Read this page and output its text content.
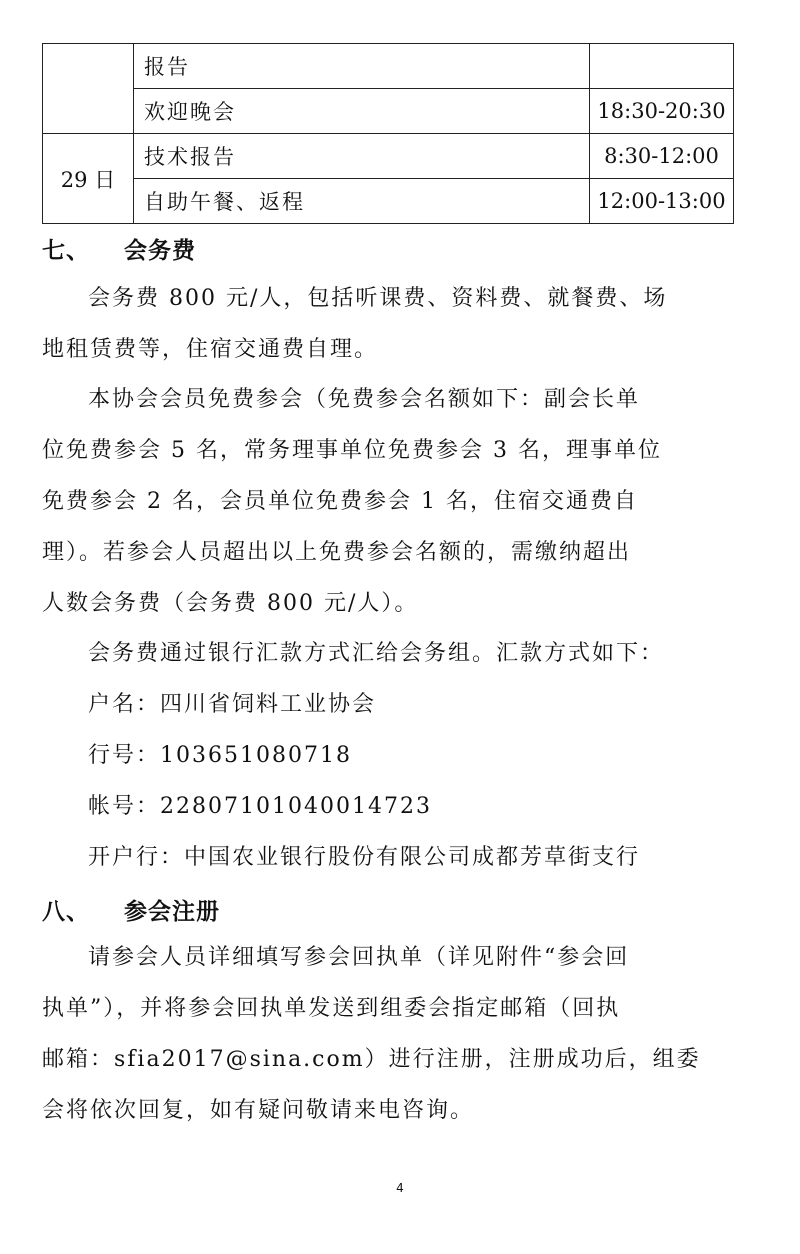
	报告	
	欢迎晚会	18:30-20:30
29 日	技术报告	8:30-12:00
	自助午餐、返程	12:00-13:00
七、 会务费

会务费 800 元/人，包括听课费、资料费、就餐费、场
地租赁费等，住宿交通费自理。

本协会会员免费参会（免费参会名额如下：副会长单
位免费参会 5 名，常务理事单位免费参会 3 名，理事单位
免费参会 2 名，会员单位免费参会 1 名，住宿交通费自
理）。若参会人员超出以上免费参会名额的，需缴纳超出
人数会务费（会务费 800 元/人）。

会务费通过银行汇款方式汇给会务组。汇款方式如下：
户名：四川省饲料工业协会
行号：103651080718
帐号：22807101040014723
开户行：中国农业银行股份有限公司成都芳草街支行

八、 参会注册

请参会人员详细填写参会回执单（详见附件“参会回
执单”），并将参会回执单发送到组委会指定邮箱（回执
邮箱：sfia2017@sina.com）进行注册，注册成功后，组委
会将依次回复，如有疑问敬请来电咨询。

4
